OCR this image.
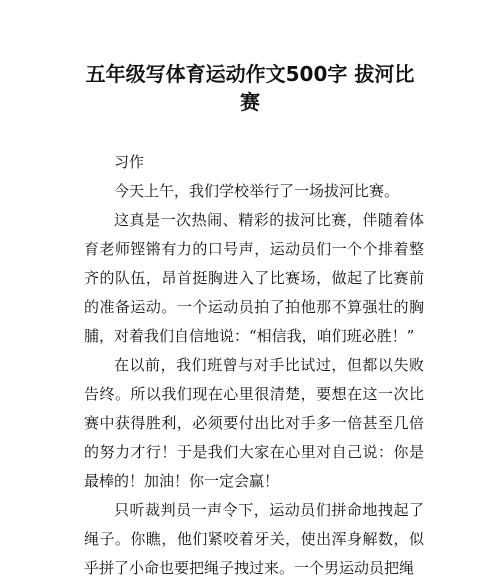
五年级写体育运动作文500字 拔河比赛

习作

今天上午，我们学校举行了一场拔河比赛。

这真是一次热闹、精彩的拔河比赛，伴随着体育老师铿锵有力的口号声，运动员们一个个排着整齐的队伍，昂首挺胸进入了比赛场，做起了比赛前的准备运动。一个运动员拍了拍他那不算强壮的胸脯，对着我们自信地说：“相信我，咱们班必胜！”

在以前，我们班曾与对手比试过，但都以失败告终。所以我们现在心里很清楚，要想在这一次比赛中获得胜利，必须要付出比对手多一倍甚至几倍的努力才行！于是我们大家在心里对自己说：你是最棒的！加油！你一定会赢！

只听裁判员一声令下，运动员们拼命地拽起了绳子。你瞧，他们紧咬着牙关，使出浑身解数，似乎拼了小命也要把绳子拽过来。一个男运动员把绳
